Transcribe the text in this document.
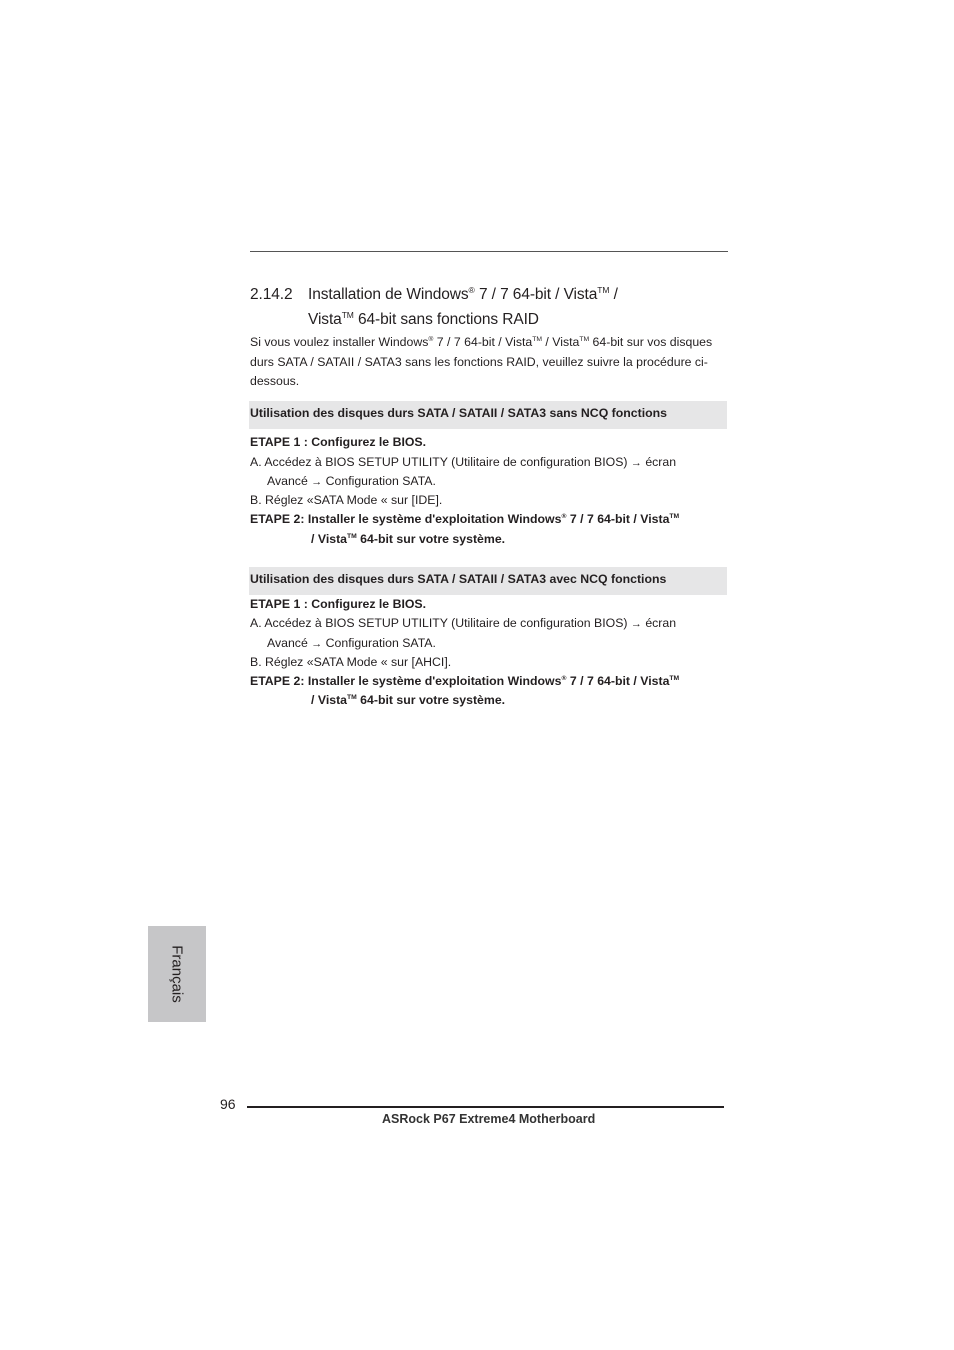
2.14.2 Installation de Windows® 7 / 7 64-bit / Vista™ /
Vista™ 64-bit sans fonctions RAID
Si vous voulez installer Windows® 7 / 7 64-bit / Vista™ / Vista™ 64-bit sur vos disques durs SATA / SATAII / SATA3 sans les fonctions RAID, veuillez suivre la procédure ci-dessous.
Utilisation des disques durs SATA / SATAII / SATA3 sans NCQ fonctions
ETAPE 1 : Configurez le BIOS.
A. Accédez à BIOS SETUP UTILITY (Utilitaire de configuration BIOS) → écran
Avancé → Configuration SATA.
B. Réglez «SATA Mode « sur [IDE].
ETAPE 2: Installer le système d'exploitation Windows® 7 / 7 64-bit / Vista™
/ Vista™ 64-bit sur votre système.
Utilisation des disques durs SATA / SATAII / SATA3 avec NCQ fonctions
ETAPE 1 : Configurez le BIOS.
A. Accédez à BIOS SETUP UTILITY (Utilitaire de configuration BIOS) → écran
Avancé → Configuration SATA.
B. Réglez «SATA Mode « sur [AHCI].
ETAPE 2: Installer le système d'exploitation Windows® 7 / 7 64-bit / Vista™
/ Vista™ 64-bit sur votre système.
Français
96
ASRock P67 Extreme4 Motherboard
